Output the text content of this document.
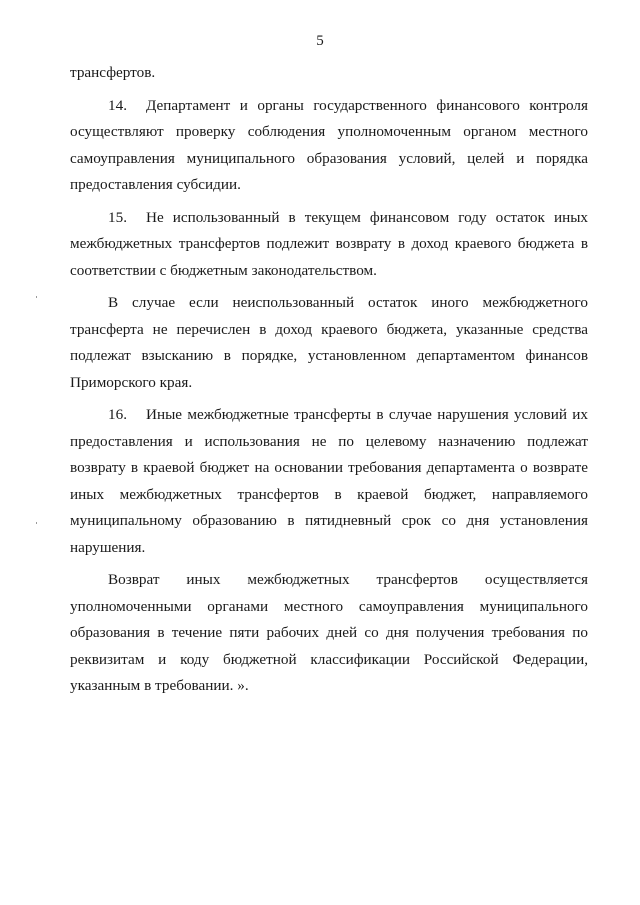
5

трансфертов.

14. Департамент и органы государственного финансового контроля осуществляют проверку соблюдения уполномоченным органом местного самоуправления муниципального образования условий, целей и порядка предоставления субсидии.

15. Не использованный в текущем финансовом году остаток иных межбюджетных трансфертов подлежит возврату в доход краевого бюджета в соответствии с бюджетным законодательством.

В случае если неиспользованный остаток иного межбюджетного трансферта не перечислен в доход краевого бюджета, указанные средства подлежат взысканию в порядке, установленном департаментом финансов Приморского края.

16. Иные межбюджетные трансферты в случае нарушения условий их предоставления и использования не по целевому назначению подлежат возврату в краевой бюджет на основании требования департамента о возврате иных межбюджетных трансфертов в краевой бюджет, направляемого муниципальному образованию в пятидневный срок со дня установления нарушения.

Возврат иных межбюджетных трансфертов осуществляется уполномоченными органами местного самоуправления муниципального образования в течение пяти рабочих дней со дня получения требования по реквизитам и коду бюджетной классификации Российской Федерации, указанным в требовании. ».
